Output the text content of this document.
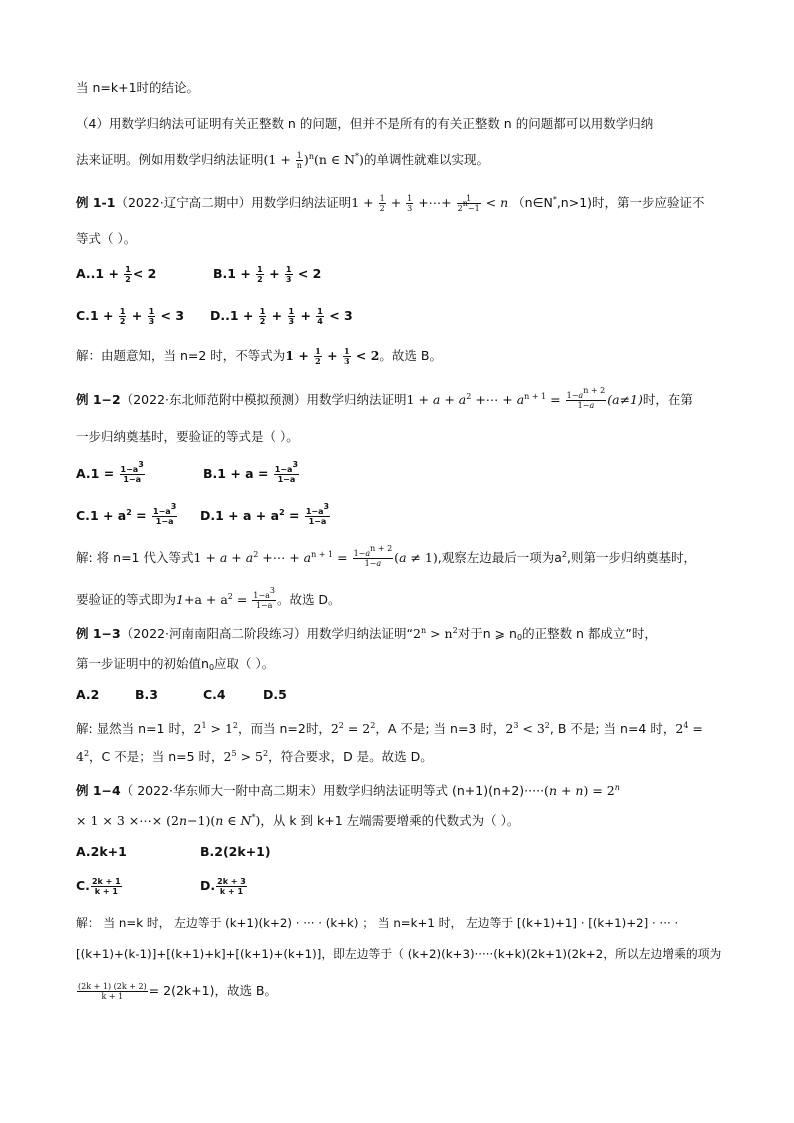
当 n=k+1时的结论。
（4）用数学归纳法可证明有关正整数 n 的问题，但并不是所有的有关正整数 n 的问题都可以用数学归纳
法来证明。例如用数学归纳法证明$(1 + \frac{1}{n} )^n(n$ ∈ N*)的单调性就难以实现。
例 1-1（2022·辽宁高二期中）用数学归纳法证明$1 + \frac{1}{2} + \frac{1}{3}$ +⋯+ $\frac{1}{2^n-1} < n$ （n∈N*,n>1)时，第一步应验证不
等式（ ）。
$A..1 + \frac{1}{2} < 2$	$B.1 + \frac{1}{2} + \frac{1}{3} < 2$
$C.1 + \frac{1}{2} + \frac{1}{3} < 3$ $D..1 + \frac{1}{2} + \frac{1}{3} + \frac{1}{4} < 3$
解：由题意知，当 n=2 时，不等式为$1 + \frac{1}{2} + \frac{1}{3} < 2$。故选 B。
例 1−2（2022·东北师范附中模拟预测）用数学归纳法证明$1 + a + a^2$ +⋯ + $a^{n + 1} = \frac{1-a^{n + 2}}{1-a} (a\ne 1)$时，在第
一步归纳奠基时，要验证的等式是（ ）。
$A.1 = \frac{1-a^3}{1-a}$	$B.1 + a = \frac{1-a^3}{1-a}$
$C.1 + a^2 = \frac{1-a^3}{1-a} D.1 + a + a^2 = \frac{1-a^3}{1-a}$
解: 将 n=1 代入等式$1 + a + a^2$ +⋯ + $a^{n + 1} = \frac{1-a^{n + 2}}{1-a} (a \ne 1)$,观察左边最后一项为$a^2$,则第一步归纳奠基时，
要验证的等式即为$1+a + a^2 = \frac{1-a^3}{1-a}$ 。故选 D。
例 1−3（2022·河南南阳高二阶段练习）用数学归纳法证明“$2^n > n^2$对于n ⩾ $n_0$的正整数 n 都成立”时，
第一步证明中的初始值$n_0$应取（ ）。
A.2	B.3	C.4	D.5
解: 显然当 n=1 时，$2^1 > 1^2$，而当 n=2时，$2^2 = 2^2$，A 不是; 当 n=3 时，$2^3 < 3^2$, B 不是; 当 n=4 时，$2^4$ =
$4^2$，C 不是；当 n=5 时，$2^5 > 5^2$，符合要求，D 是。故选 D。
例 1−4（ 2022·华东师大一附中高二期末）用数学归纳法证明等式 $(n+1)(n+2)\cdot\cdot\cdot\cdot\cdot(n + n) = 2^n$
× 1 × 3 ×⋯× (2n−1)(n ∈ N*)，从 k 到 k+1 左端需要增乘的代数式为（ ）。
A.2k+1	B.2(2k+1)
C. $\frac{2k + 1}{k + 1}$	D. $\frac{2k + 3}{k + 1}$
解： 当 n=k 时， 左边等于 (k+1)(k+2) · ··· · (k+k) ； 当 n=k+1 时， 左边等于 [(k+1)+1] · [(k+1)+2] · ··· ·
[(k+1)+(k-1)]+[(k+1)+k]+[(k+1)+(k+1)]，即左边等于（ (k+2)(k+3)·····(k+k)(2k+1)(2k+2，所以左边增乘的项为
$\frac{(2k + 1) (2k + 2)}{k + 1} = 2(2k+1)$，故选 B。
